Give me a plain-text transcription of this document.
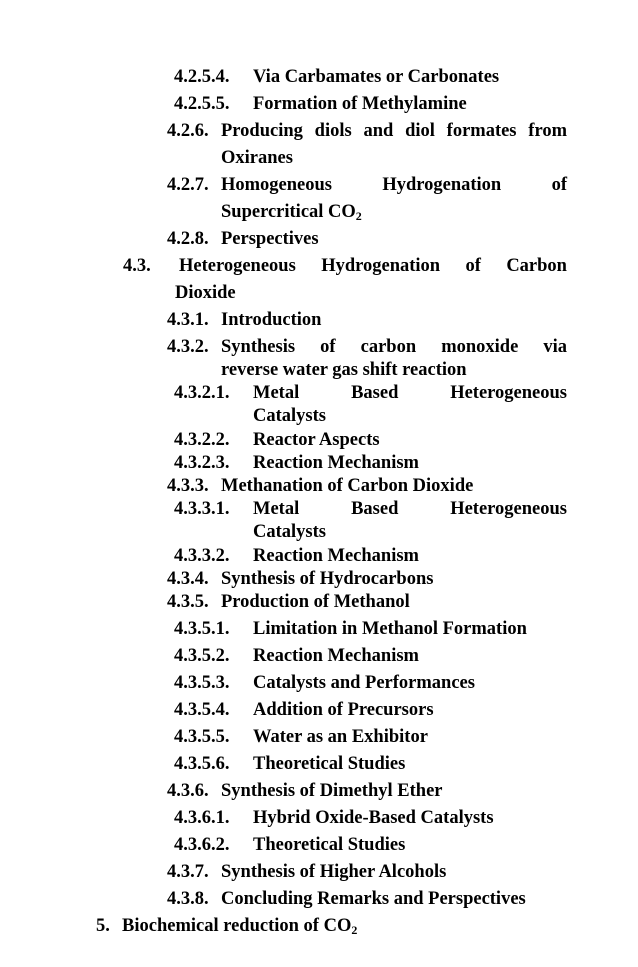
4.2.5.4. Via Carbamates or Carbonates
4.2.5.5. Formation of Methylamine
4.2.6. Producing diols and diol formates from
Oxiranes
4.2.7. Homogeneous	Hydrogenation	of
Supercritical $CO_2$
4.2.8. Perspectives
4.3. Heterogeneous Hydrogenation of Carbon
Dioxide
4.3.1. Introduction
4.3.2. Synthesis of carbon monoxide via
reverse water gas shift reaction
4.3.2.1. Metal	Based	Heterogeneous
Catalysts
4.3.2.2. Reactor Aspects
4.3.2.3. Reaction Mechanism
4.3.3. Methanation of Carbon Dioxide
4.3.3.1. Metal	Based	Heterogeneous
Catalysts
4.3.3.2. Reaction Mechanism
4.3.4. Synthesis of Hydrocarbons
4.3.5. Production of Methanol
4.3.5.1. Limitation in Methanol Formation
4.3.5.2. Reaction Mechanism
4.3.5.3. Catalysts and Performances
4.3.5.4. Addition of Precursors
4.3.5.5. Water as an Exhibitor
4.3.5.6. Theoretical Studies
4.3.6. Synthesis of Dimethyl Ether
4.3.6.1. Hybrid Oxide-Based Catalysts
4.3.6.2. Theoretical Studies
4.3.7. Synthesis of Higher Alcohols
4.3.8. Concluding Remarks and Perspectives
5. Biochemical reduction of $CO_2$
